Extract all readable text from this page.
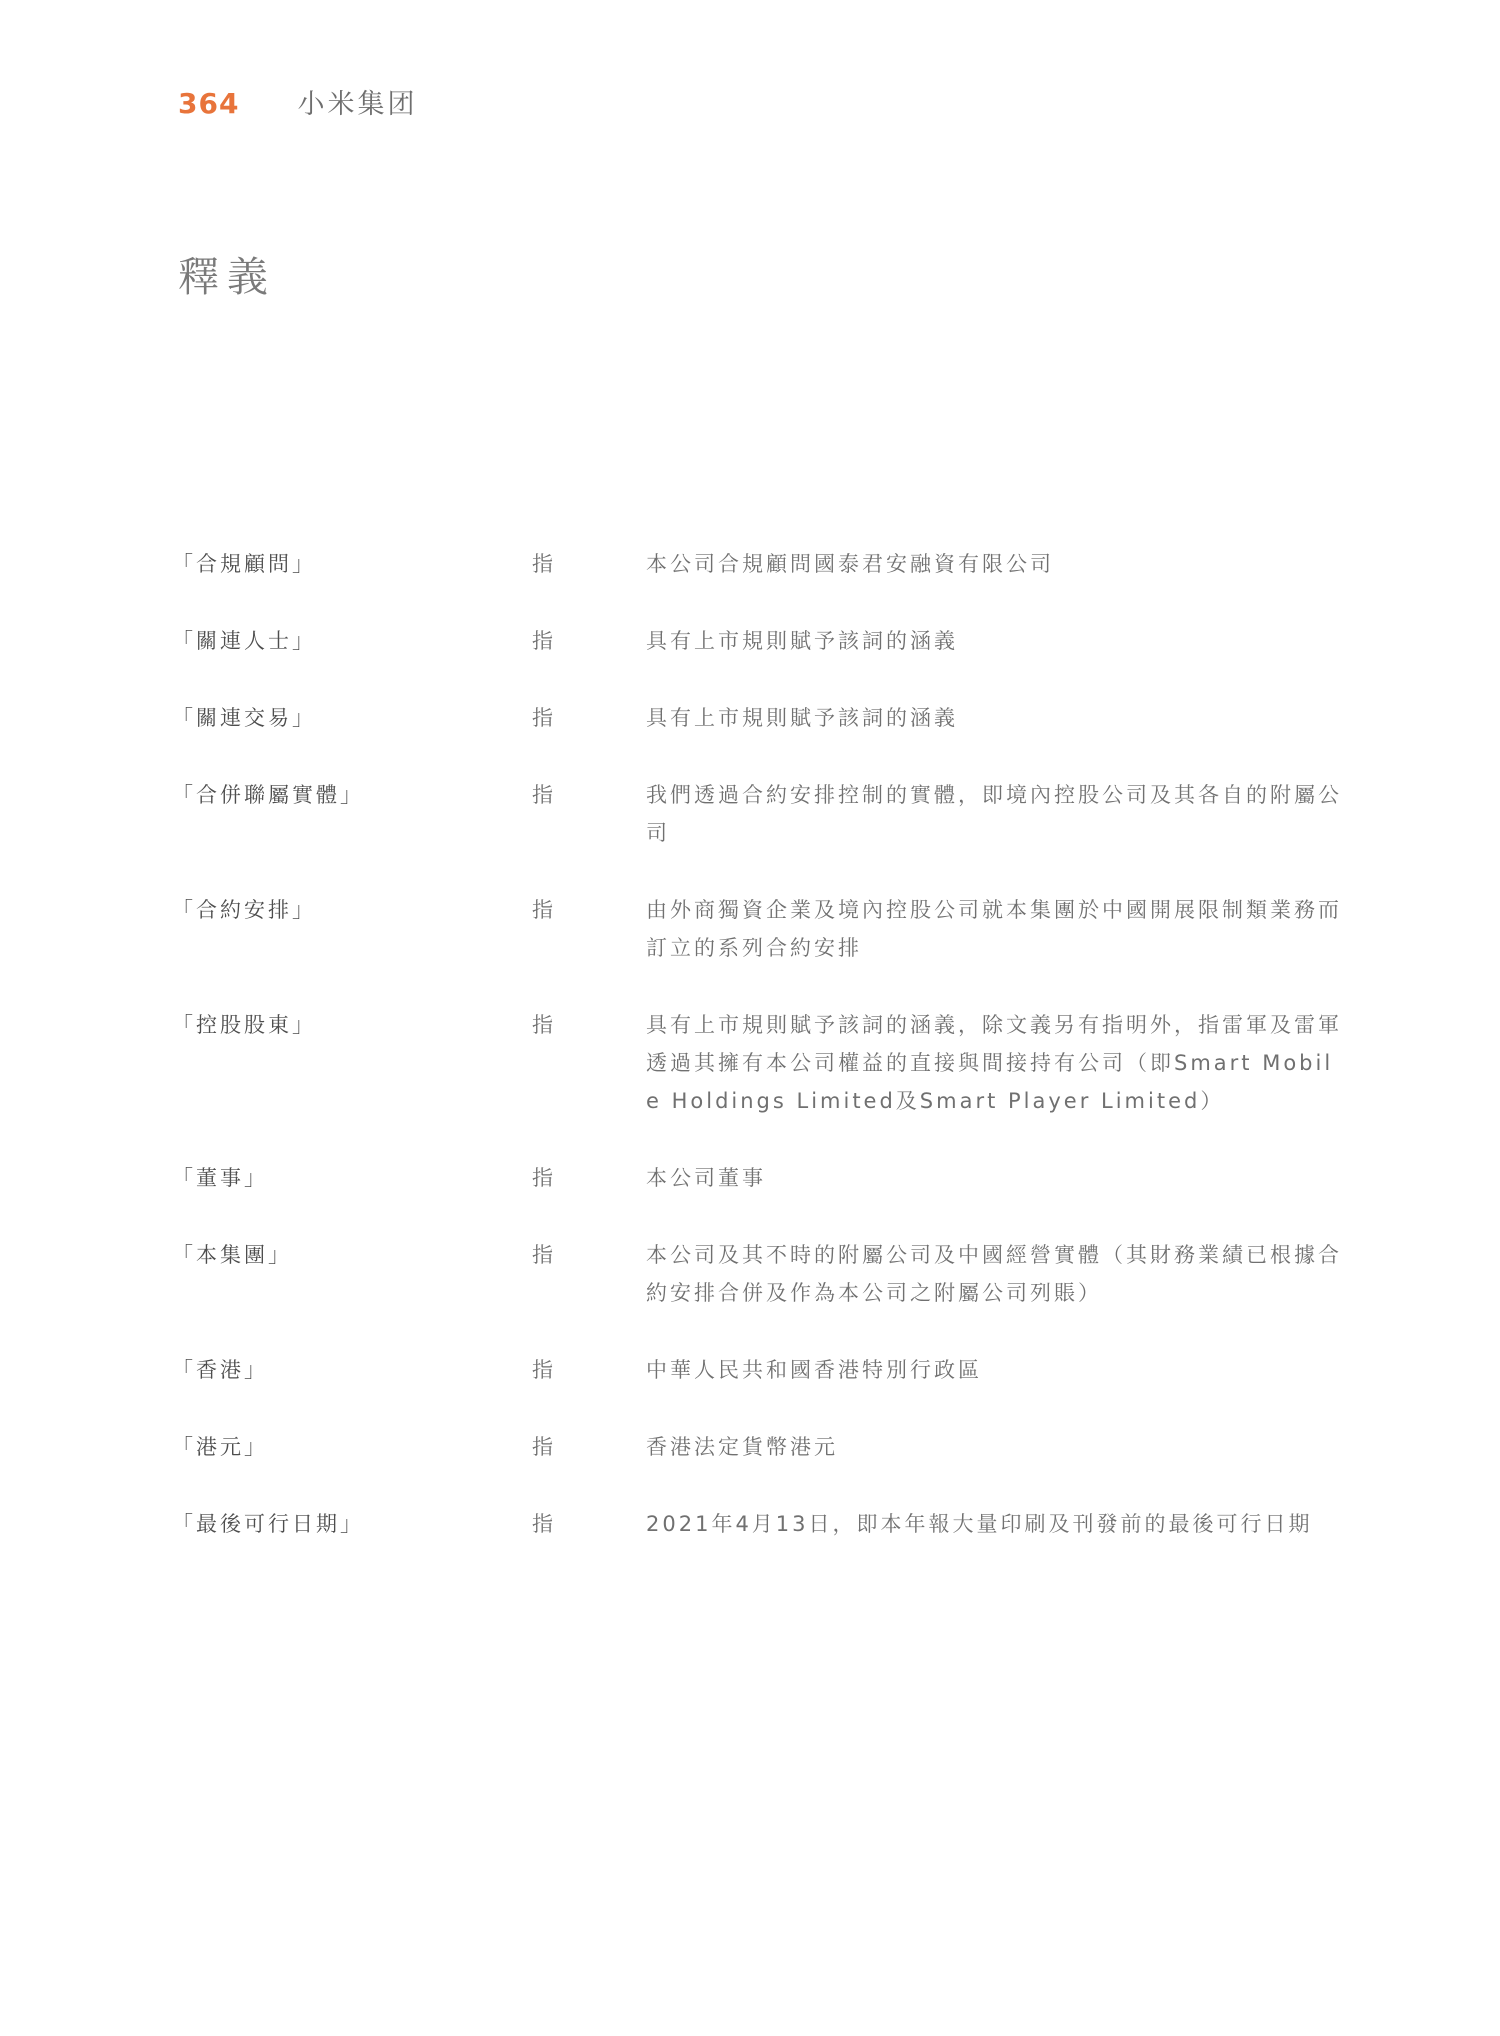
364 小米集团
釋義
「合規顧問」	指	本公司合規顧問國泰君安融資有限公司
「關連人士」	指	具有上市規則賦予該詞的涵義
「關連交易」	指	具有上市規則賦予該詞的涵義
「合併聯屬實體」	指	我們透過合約安排控制的實體，即境內控股公司及其各自的附屬公司
「合約安排」	指	由外商獨資企業及境內控股公司就本集團於中國開展限制類業務而訂立的系列合約安排
「控股股東」	指	具有上市規則賦予該詞的涵義，除文義另有指明外，指雷軍及雷軍透過其擁有本公司權益的直接與間接持有公司（即Smart Mobile Holdings Limited及Smart Player Limited）
「董事」	指	本公司董事
「本集團」	指	本公司及其不時的附屬公司及中國經營實體（其財務業績已根據合約安排合併及作為本公司之附屬公司列賬）
「香港」	指	中華人民共和國香港特別行政區
「港元」	指	香港法定貨幣港元
「最後可行日期」	指	2021年4月13日，即本年報大量印刷及刊發前的最後可行日期
